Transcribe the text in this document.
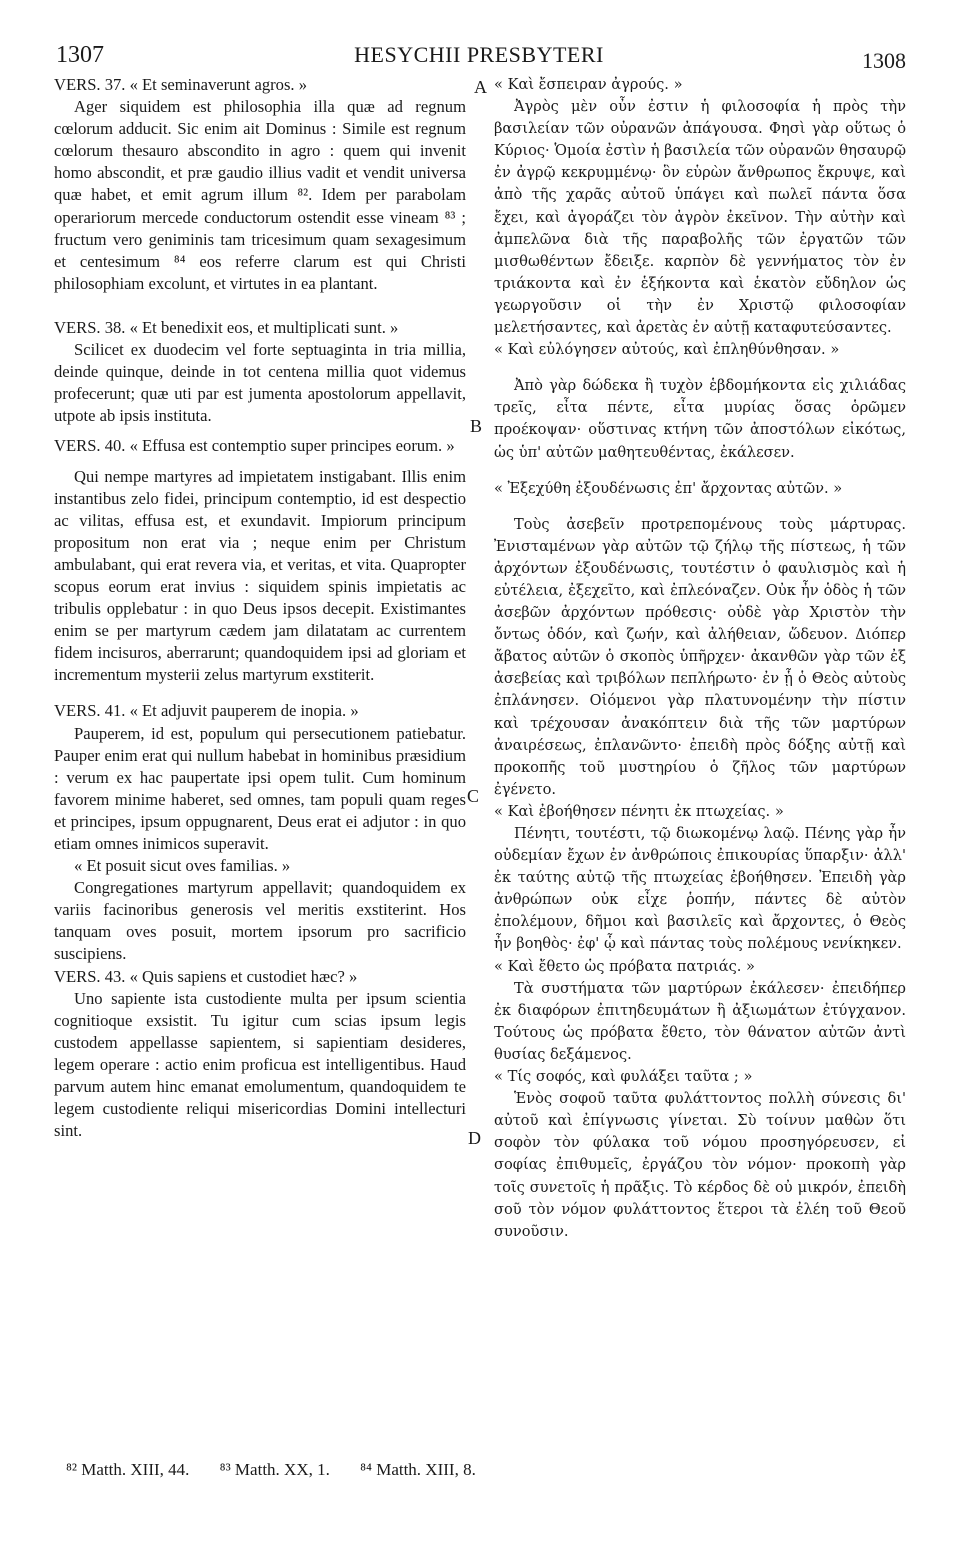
1307	HESYCHII PRESBYTERI	1308
A
B
C
D

VERS. 37. « Et seminaverunt agros. »

Ager siquidem est philosophia illa quæ ad regnum cœlorum adducit. Sic enim ait Dominus : Simile est regnum cœlorum thesauro abscondito in agro : quem qui invenit homo abscondit, et præ gaudio illius vadit et vendit universa quæ habet, et emit agrum illum ⁸². Idem per parabolam operariorum mercede conductorum ostendit esse vineam ⁸³ ; fructum vero geniminis tam tricesimum quam sexagesimum et centesimum ⁸⁴ eos referre clarum est qui Christi philosophiam excolunt, et virtutes in ea plantant.

VERS. 38. « Et benedixit eos, et multiplicati sunt. »

Scilicet ex duodecim vel forte septuaginta in tria millia, deinde quinque, deinde in tot centena millia quot videmus profecerunt; quæ uti par est jumenta apostolorum appellavit, utpote ab ipsis instituta.

VERS. 40. « Effusa est contemptio super principes eorum. »

Qui nempe martyres ad impietatem instigabant. Illis enim instantibus zelo fidei, principum contemptio, id est despectio ac vilitas, effusa est, et exundavit. Impiorum principum propositum non erat via ; neque enim per Christum ambulabant, qui erat revera via, et veritas, et vita. Quapropter scopus eorum erat invius : siquidem spinis impietatis ac tribulis opplebatur : in quo Deus ipsos decepit. Existimantes enim se per martyrum cædem jam dilatatam ac currentem fidem incisuros, aberrarunt; quandoquidem ipsi ad gloriam et incrementum mysterii zelus martyrum exstiterit.

VERS. 41. « Et adjuvit pauperem de inopia. »

Pauperem, id est, populum qui persecutionem patiebatur. Pauper enim erat qui nullum habebat in hominibus præsidium : verum ex hac paupertate ipsi opem tulit. Cum hominum favorem minime haberet, sed omnes, tam populi quam reges et principes, ipsum oppugnarent, Deus erat ei adjutor : in quo etiam omnes inimicos superavit.

« Et posuit sicut oves familias. »

Congregationes martyrum appellavit; quandoquidem ex variis facinoribus generosis vel meritis exstiterint. Hos tanquam oves posuit, mortem ipsorum pro sacrificio suscipiens.

VERS. 43. « Quis sapiens et custodiet hæc? »

Uno sapiente ista custodiente multa per ipsum scientia cognitioque exsistit. Tu igitur cum scias ipsum legis custodem appellasse sapientem, si sapientiam desideres, legem operare : actio enim proficua est intelligentibus. Haud parvum autem hinc emanat emolumentum, quandoquidem te legem custodiente reliqui misericordias Domini intellecturi sint.

« Καὶ ἔσπειραν ἀγρούς. »

Ἀγρὸς μὲν οὖν ἐστιν ἡ φιλοσοφία ἡ πρὸς τὴν βασιλείαν τῶν οὐρανῶν ἀπάγουσα. Φησὶ γὰρ οὕτως ὁ Κύριος· Ὁμοία ἐστὶν ἡ βασιλεία τῶν οὐρανῶν θησαυρῷ ἐν ἀγρῷ κεκρυμμένῳ· ὃν εὑρὼν ἄνθρωπος ἔκρυψε, καὶ ἀπὸ τῆς χαρᾶς αὐτοῦ ὑπάγει καὶ πωλεῖ πάντα ὅσα ἔχει, καὶ ἀγοράζει τὸν ἀγρὸν ἐκεῖνον. Τὴν αὐτὴν καὶ ἀμπελῶνα διὰ τῆς παραβολῆς τῶν ἐργατῶν τῶν μισθωθέντων ἔδειξε. καρπὸν δὲ γεννήματος τὸν ἐν τριάκοντα καὶ ἐν ἑξήκοντα καὶ ἑκατὸν εὔδηλον ὡς γεωργοῦσιν οἱ τὴν ἐν Χριστῷ φιλοσοφίαν μελετήσαντες, καὶ ἀρετὰς ἐν αὐτῇ καταφυτεύσαντες.

« Καὶ εὐλόγησεν αὐτούς, καὶ ἐπληθύνθησαν. »

Ἀπὸ γὰρ δώδεκα ἢ τυχὸν ἑβδομήκοντα εἰς χιλιάδας τρεῖς, εἶτα πέντε, εἶτα μυρίας ὅσας ὁρῶμεν προέκοψαν· οὕστινας κτήνη τῶν ἀποστόλων εἰκότως, ὡς ὑπ' αὐτῶν μαθητευθέντας, ἐκάλεσεν.

« Ἐξεχύθη ἐξουδένωσις ἐπ' ἄρχοντας αὐτῶν. »

Τοὺς ἀσεβεῖν προτρεπομένους τοὺς μάρτυρας. Ἐνισταμένων γὰρ αὐτῶν τῷ ζήλῳ τῆς πίστεως, ἡ τῶν ἀρχόντων ἐξουδένωσις, τουτέστιν ὁ φαυλισμὸς καὶ ἡ εὐτέλεια, ἐξεχεῖτο, καὶ ἐπλεόναζεν. Οὐκ ἦν ὁδὸς ἡ τῶν ἀσεβῶν ἀρχόντων πρόθεσις· οὐδὲ γὰρ Χριστὸν τὴν ὄντως ὁδόν, καὶ ζωήν, καὶ ἀλήθειαν, ὥδευον. Διόπερ ἄβατος αὐτῶν ὁ σκοπὸς ὑπῆρχεν· ἀκανθῶν γὰρ τῶν ἐξ ἀσεβείας καὶ τριβόλων πεπλήρωτο· ἐν ᾗ ὁ Θεὸς αὐτοὺς ἐπλάνησεν. Οἰόμενοι γὰρ πλατυνομένην τὴν πίστιν καὶ τρέχουσαν ἀνακόπτειν διὰ τῆς τῶν μαρτύρων ἀναιρέσεως, ἐπλανῶντο· ἐπειδὴ πρὸς δόξης αὐτῇ καὶ προκοπῆς τοῦ μυστηρίου ὁ ζῆλος τῶν μαρτύρων ἐγένετο.

« Καὶ ἐβοήθησεν πένητι ἐκ πτωχείας. »

Πένητι, τουτέστι, τῷ διωκομένῳ λαῷ. Πένης γὰρ ἦν οὐδεμίαν ἔχων ἐν ἀνθρώποις ἐπικουρίας ὕπαρξιν· ἀλλ' ἐκ ταύτης αὐτῷ τῆς πτωχείας ἐβοήθησεν. Ἐπειδὴ γὰρ ἀνθρώπων οὐκ εἶχε ῥοπήν, πάντες δὲ αὐτὸν ἐπολέμουν, δῆμοι καὶ βασιλεῖς καὶ ἄρχοντες, ὁ Θεὸς ἦν βοηθὸς· ἐφ' ᾧ καὶ πάντας τοὺς πολέμους νενίκηκεν.

« Καὶ ἔθετο ὡς πρόβατα πατριάς. »

Τὰ συστήματα τῶν μαρτύρων ἐκάλεσεν· ἐπειδήπερ ἐκ διαφόρων ἐπιτηδευμάτων ἢ ἀξιωμάτων ἐτύγχανον. Τούτους ὡς πρόβατα ἔθετο, τὸν θάνατον αὐτῶν ἀντὶ θυσίας δεξάμενος.

« Τίς σοφός, καὶ φυλάξει ταῦτα ; »

Ἑνὸς σοφοῦ ταῦτα φυλάττοντος πολλὴ σύνεσις δι' αὐτοῦ καὶ ἐπίγνωσις γίνεται. Σὺ τοίνυν μαθὼν ὅτι σοφὸν τὸν φύλακα τοῦ νόμου προσηγόρευσεν, εἰ σοφίας ἐπιθυμεῖς, ἐργάζου τὸν νόμον· προκοπὴ γὰρ τοῖς συνετοῖς ἡ πρᾶξις. Τὸ κέρδος δὲ οὐ μικρόν, ἐπειδὴ σοῦ τὸν νόμον φυλάττοντος ἕτεροι τὰ ἐλέη τοῦ Θεοῦ συνοῦσιν.

⁸² Matth. XIII, 44. ⁸³ Matth. XX, 1. ⁸⁴ Matth. XIII, 8.
